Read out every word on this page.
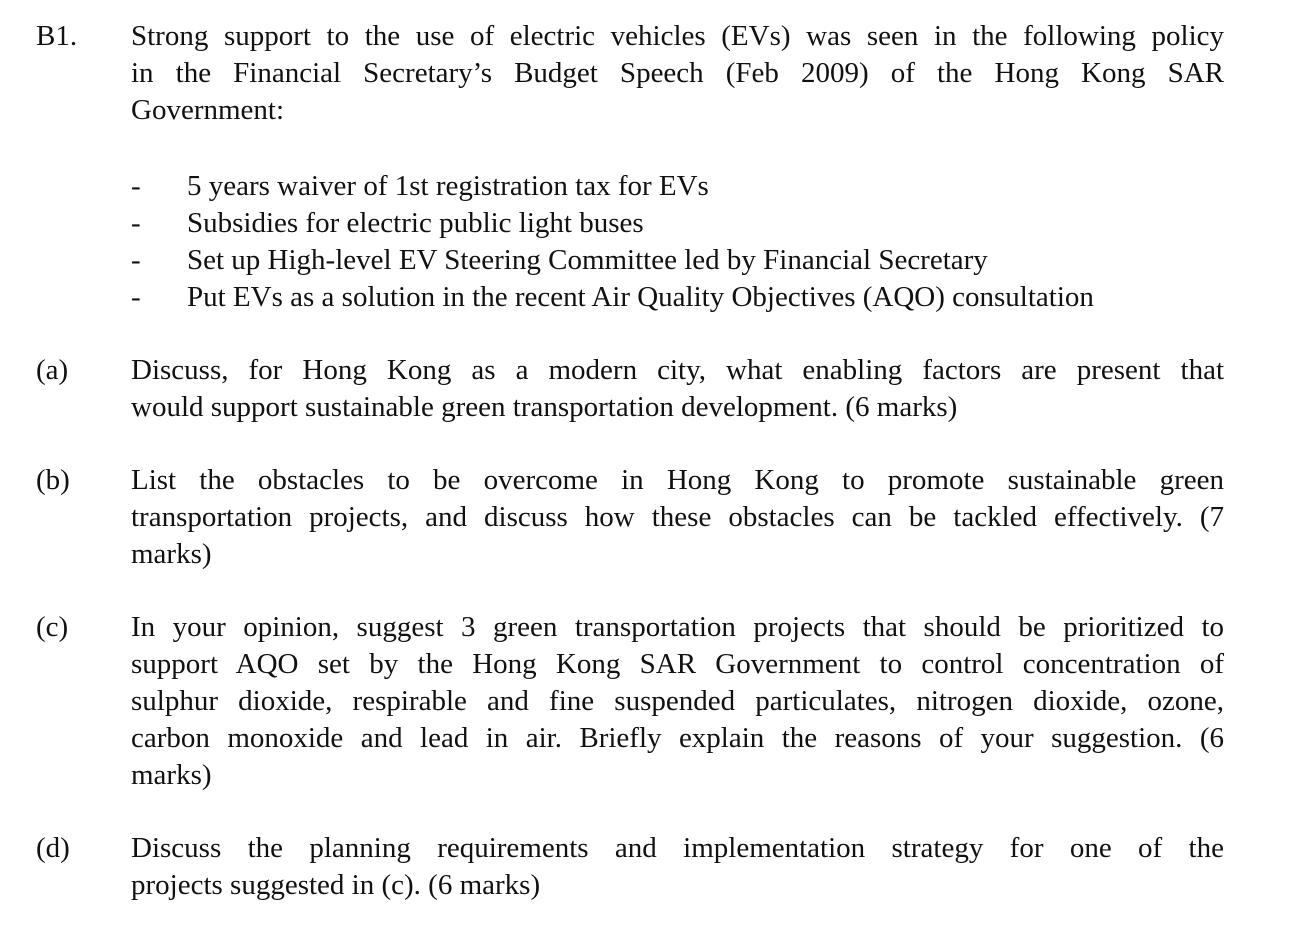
B1. Strong support to the use of electric vehicles (EVs) was seen in the following policy
in the Financial Secretary’s Budget Speech (Feb 2009) of the Hong Kong SAR
Government:
- 5 years waiver of 1st registration tax for EVs
- Subsidies for electric public light buses
- Set up High-level EV Steering Committee led by Financial Secretary
- Put EVs as a solution in the recent Air Quality Objectives (AQO) consultation
(a) Discuss, for Hong Kong as a modern city, what enabling factors are present that
would support sustainable green transportation development. (6 marks)
(b) List the obstacles to be overcome in Hong Kong to promote sustainable green
transportation projects, and discuss how these obstacles can be tackled effectively. (7
marks)
(c) In your opinion, suggest 3 green transportation projects that should be prioritized to
support AQO set by the Hong Kong SAR Government to control concentration of
sulphur dioxide, respirable and fine suspended particulates, nitrogen dioxide, ozone,
carbon monoxide and lead in air. Briefly explain the reasons of your suggestion. (6
marks)
(d) Discuss the planning requirements and implementation strategy for one of the
projects suggested in (c). (6 marks)
